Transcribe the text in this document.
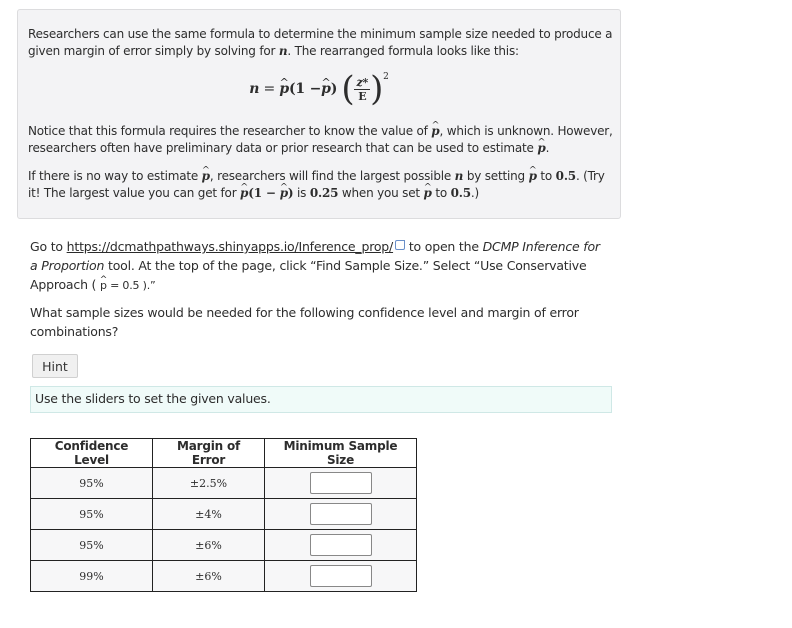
Researchers can use the same formula to determine the minimum sample size needed to produce a given margin of error simply by solving for n. The rearranged formula looks like this:

n = ^ p(1 −^ p) ( $\frac{z*}{E} )^2$

Notice that this formula requires the researcher to know the value of ^ p, which is unknown. However, researchers often have preliminary data or prior research that can be used to estimate ^ p.

If there is no way to estimate ^ p, researchers will find the largest possible n by setting ^ p to 0.5. (Try it! The largest value you can get for ^ p(1 − ^ p) is 0.25 when you set ^ p to 0.5.)

Go to https://dcmathpathways.shinyapps.io/Inference_prop/ to open the DCMP Inference for a Proportion tool. At the top of the page, click “Find Sample Size.” Select “Use Conservative Approach ( ^ p = 0.5 ).”
What sample sizes would be needed for the following confidence level and margin of error combinations?
Hint
Use the sliders to set the given values.
Confidence Level	Margin of Error	Minimum Sample Size
95%	±2.5%	

95%	±4%	

95%	±6%	

99%	±6%	
